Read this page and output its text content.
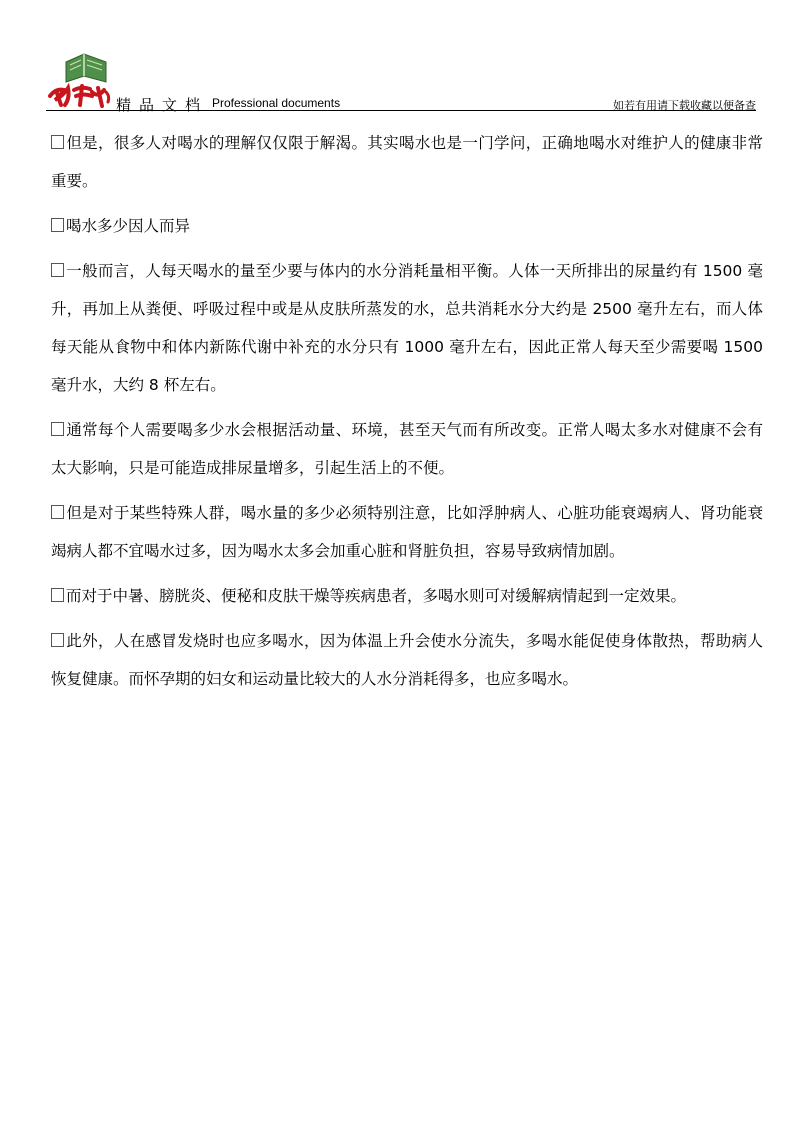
精品文档 Professional documents	如若有用请下载收藏以便备查

但是，很多人对喝水的理解仅仅限于解渴。其实喝水也是一门学问，正确地喝水对维护人的健康非常重要。

喝水多少因人而异

一般而言，人每天喝水的量至少要与体内的水分消耗量相平衡。人体一天所排出的尿量约有 1500 毫升，再加上从粪便、呼吸过程中或是从皮肤所蒸发的水，总共消耗水分大约是 2500 毫升左右，而人体每天能从食物中和体内新陈代谢中补充的水分只有 1000 毫升左右，因此正常人每天至少需要喝 1500 毫升水，大约 8 杯左右。

通常每个人需要喝多少水会根据活动量、环境，甚至天气而有所改变。正常人喝太多水对健康不会有太大影响，只是可能造成排尿量增多，引起生活上的不便。

但是对于某些特殊人群，喝水量的多少必须特别注意，比如浮肿病人、心脏功能衰竭病人、肾功能衰竭病人都不宜喝水过多，因为喝水太多会加重心脏和肾脏负担，容易导致病情加剧。

而对于中暑、膀胱炎、便秘和皮肤干燥等疾病患者，多喝水则可对缓解病情起到一定效果。

此外，人在感冒发烧时也应多喝水，因为体温上升会使水分流失，多喝水能促使身体散热，帮助病人恢复健康。而怀孕期的妇女和运动量比较大的人水分消耗得多，也应多喝水。
